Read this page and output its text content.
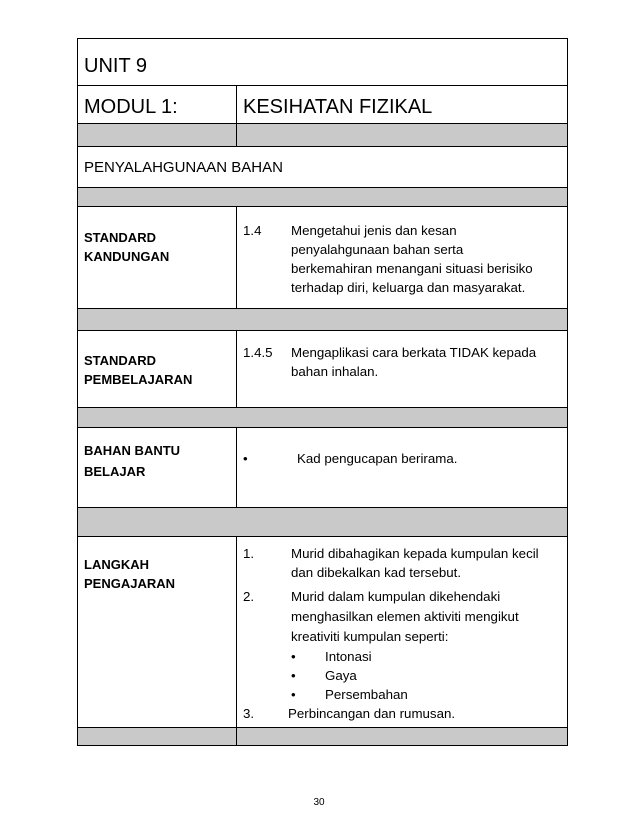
UNIT 9
MODUL 1:	KESIHATAN FIZIKAL
PENYALAHGUNAAN BAHAN
STANDARD
KANDUNGAN
1.4	Mengetahui jenis dan kesan
penyalahgunaan bahan serta
berkemahiran menangani situasi berisiko
terhadap diri, keluarga dan masyarakat.
STANDARD
PEMBELAJARAN
1.4.5	Mengaplikasi cara berkata TIDAK kepada
bahan inhalan.
BAHAN BANTU
BELAJAR
•	Kad pengucapan berirama.
LANGKAH
PENGAJARAN
1.	Murid dibahagikan kepada kumpulan kecil
dan dibekalkan kad tersebut.
2.	Murid dalam kumpulan dikehendaki
menghasilkan elemen aktiviti mengikut
kreativiti kumpulan seperti:
•	Intonasi
•	Gaya
•	Persembahan
3.	Perbincangan dan rumusan.
30
